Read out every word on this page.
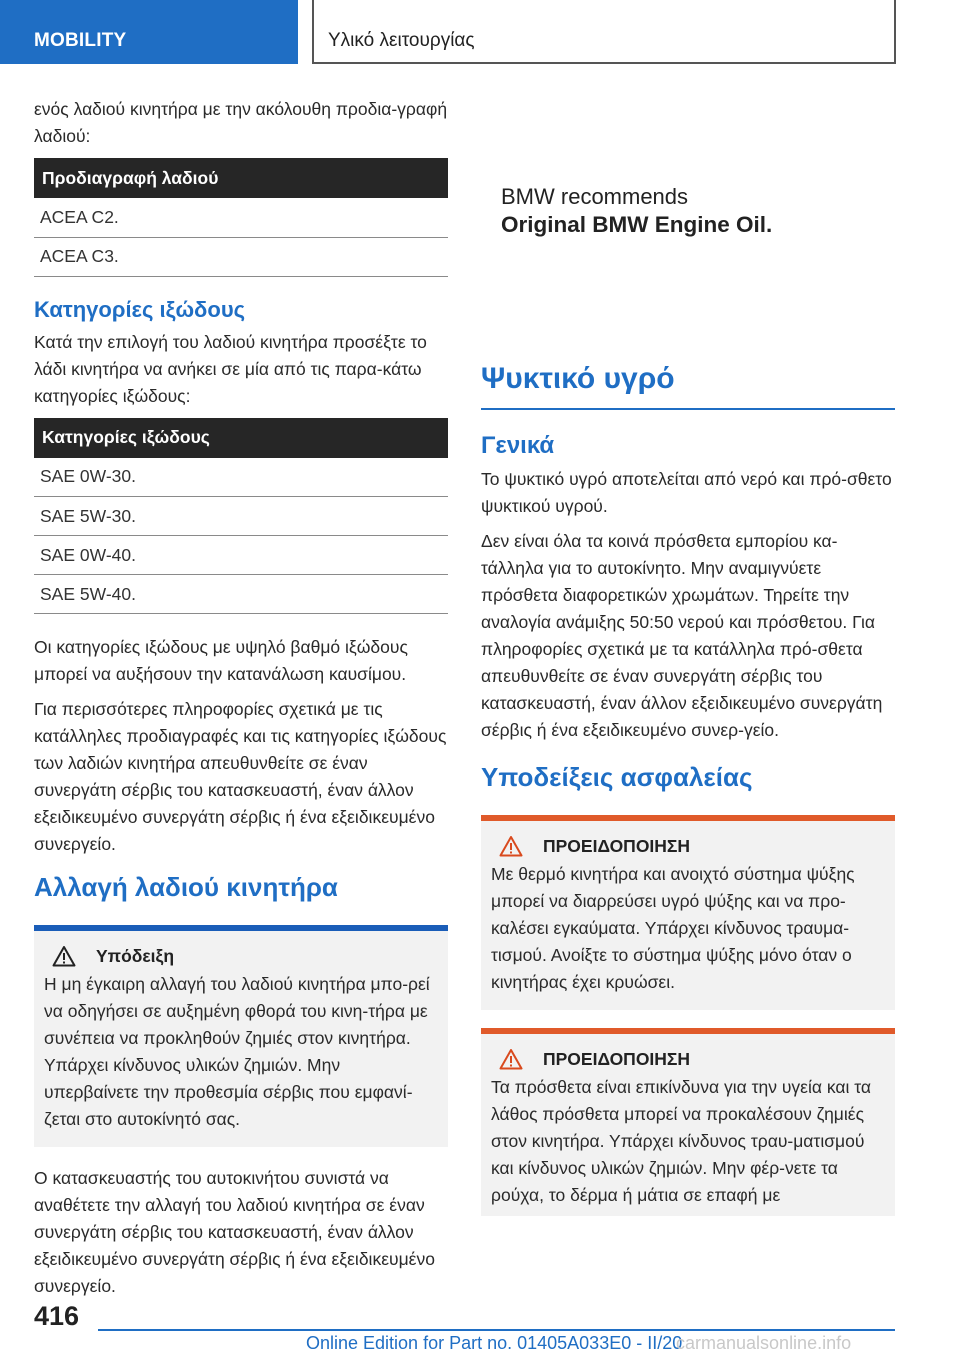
MOBILITY	Υλικό λειτουργίας

ενός λαδιού κινητήρα με την ακόλουθη προδια-γραφή λαδιού:

Προδιαγραφή λαδιού
ACEA C2.
ACEA C3.
Κατηγορίες ιξώδους

Κατά την επιλογή του λαδιού κινητήρα προσέξτε το λάδι κινητήρα να ανήκει σε μία από τις παρα-κάτω κατηγορίες ιξώδους:

Κατηγορίες ιξώδους
SAE 0W-30.
SAE 5W-30.
SAE 0W-40.
SAE 5W-40.

Οι κατηγορίες ιξώδους με υψηλό βαθμό ιξώδους μπορεί να αυξήσουν την κατανάλωση καυσίμου.

Για περισσότερες πληροφορίες σχετικά με τις κατάλληλες προδιαγραφές και τις κατηγορίες ιξώδους των λαδιών κινητήρα απευθυνθείτε σε έναν συνεργάτη σέρβις του κατασκευαστή, έναν άλλον εξειδικευμένο συνεργάτη σέρβις ή ένα εξειδικευμένο συνεργείο.

Αλλαγή λαδιού κινητήρα
Υπόδειξη

Η μη έγκαιρη αλλαγή του λαδιού κινητήρα μπο-ρεί να οδηγήσει σε αυξημένη φθορά του κινη-τήρα με συνέπεια να προκληθούν ζημιές στον κινητήρα. Υπάρχει κίνδυνος υλικών ζημιών. Μην υπερβαίνετε την προθεσμία σέρβις που εμφανί-ζεται στο αυτοκίνητό σας.

Ο κατασκευαστής του αυτοκινήτου συνιστά να αναθέτετε την αλλαγή του λαδιού κινητήρα σε έναν συνεργάτη σέρβις του κατασκευαστή, έναν άλλον εξειδικευμένο συνεργάτη σέρβις ή ένα εξειδικευμένο συνεργείο.

BMW recommends
Original BMW Engine Oil.
Ψυκτικό υγρό
Γενικά

Το ψυκτικό υγρό αποτελείται από νερό και πρό-σθετο ψυκτικού υγρού.

Δεν είναι όλα τα κοινά πρόσθετα εμπορίου κα-τάλληλα για το αυτοκίνητο. Μην αναμιγνύετε πρόσθετα διαφορετικών χρωμάτων. Τηρείτε την αναλογία ανάμιξης 50:50 νερού και πρόσθετου. Για πληροφορίες σχετικά με τα κατάλληλα πρό-σθετα απευθυνθείτε σε έναν συνεργάτη σέρβις του κατασκευαστή, έναν άλλον εξειδικευμένο συνεργάτη σέρβις ή ένα εξειδικευμένο συνερ-γείο.

Υποδείξεις ασφαλείας
ΠΡΟΕΙΔΟΠΟΙΗΣΗ

Με θερμό κινητήρα και ανοιχτό σύστημα ψύξης μπορεί να διαρρεύσει υγρό ψύξης και να προ-καλέσει εγκαύματα. Υπάρχει κίνδυνος τραυμα-τισμού. Ανοίξτε το σύστημα ψύξης μόνο όταν ο κινητήρας έχει κρυώσει.

ΠΡΟΕΙΔΟΠΟΙΗΣΗ

Τα πρόσθετα είναι επικίνδυνα για την υγεία και τα λάθος πρόσθετα μπορεί να προκαλέσουν ζημιές στον κινητήρα. Υπάρχει κίνδυνος τραυ-ματισμού και κίνδυνος υλικών ζημιών. Μην φέρ-νετε τα ρούχα, το δέρμα ή μάτια σε επαφή με

416
Online Edition for Part no. 01405A033E0 - II/20
carmanualsonline.info
